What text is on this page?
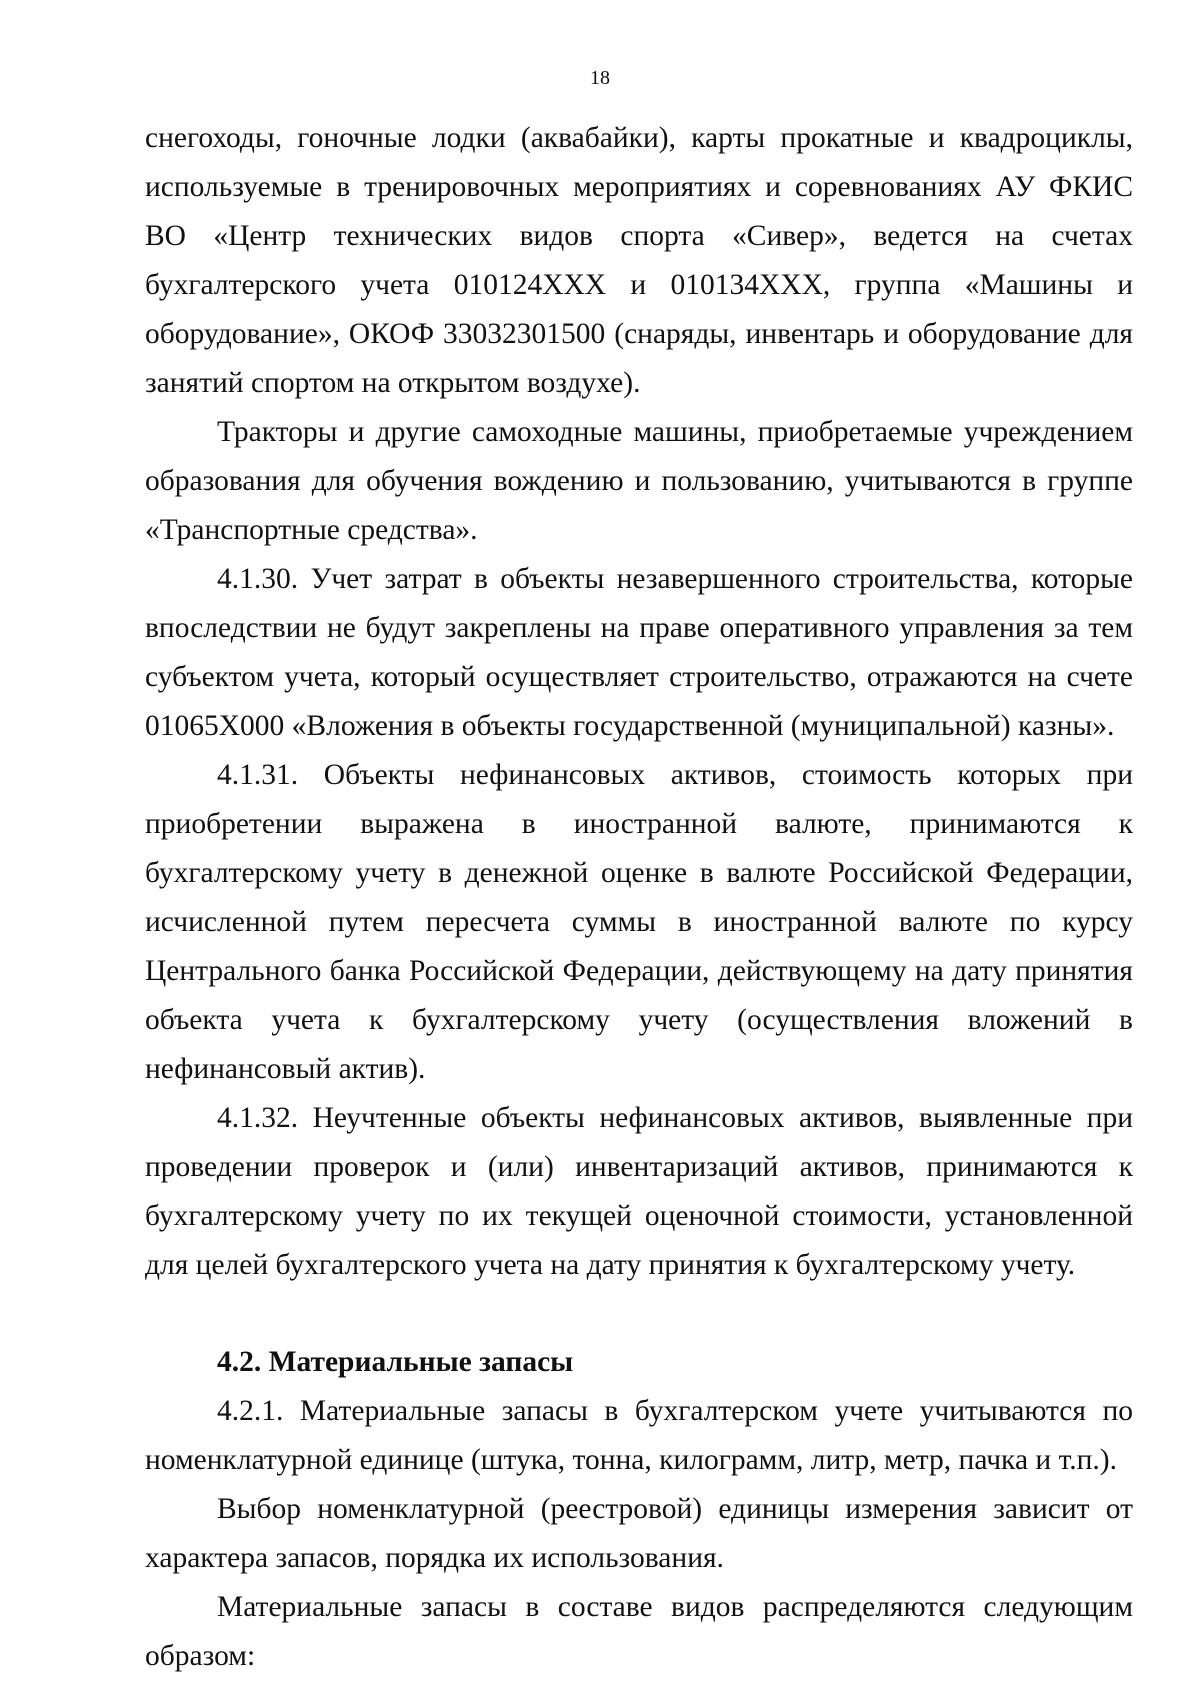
18

снегоходы, гоночные лодки (аквабайки), карты прокатные и квадроциклы, используемые в тренировочных мероприятиях и соревнованиях АУ ФКИС ВО «Центр технических видов спорта «Сивер», ведется на счетах бухгалтерского учета 010124ХХХ и 010134ХХХ, группа «Машины и оборудование», ОКОФ 33032301500 (снаряды, инвентарь и оборудование для занятий спортом на открытом воздухе).

Тракторы и другие самоходные машины, приобретаемые учреждением образования для обучения вождению и пользованию, учитываются в группе «Транспортные средства».

4.1.30. Учет затрат в объекты незавершенного строительства, которые впоследствии не будут закреплены на праве оперативного управления за тем субъектом учета, который осуществляет строительство, отражаются на счете 01065Х000 «Вложения в объекты государственной (муниципальной) казны».

4.1.31. Объекты нефинансовых активов, стоимость которых при приобретении выражена в иностранной валюте, принимаются к бухгалтерскому учету в денежной оценке в валюте Российской Федерации, исчисленной путем пересчета суммы в иностранной валюте по курсу Центрального банка Российской Федерации, действующему на дату принятия объекта учета к бухгалтерскому учету (осуществления вложений в нефинансовый актив).

4.1.32. Неучтенные объекты нефинансовых активов, выявленные при проведении проверок и (или) инвентаризаций активов, принимаются к бухгалтерскому учету по их текущей оценочной стоимости, установленной для целей бухгалтерского учета на дату принятия к бухгалтерскому учету.

4.2. Материальные запасы

4.2.1. Материальные запасы в бухгалтерском учете учитываются по номенклатурной единице (штука, тонна, килограмм, литр, метр, пачка и т.п.).

Выбор номенклатурной (реестровой) единицы измерения зависит от характера запасов, порядка их использования.

Материальные запасы в составе видов распределяются следующим образом:
